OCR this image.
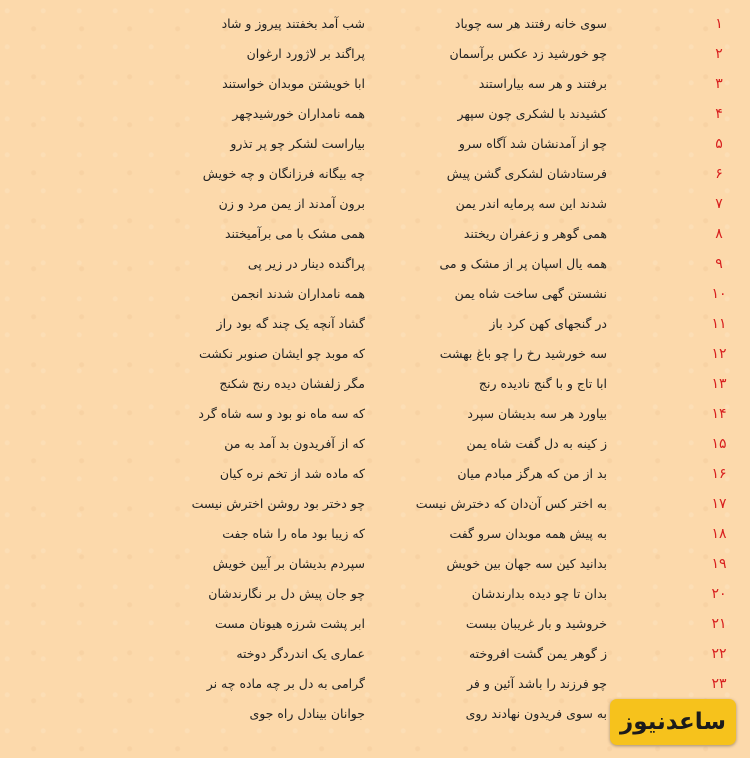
۱
سوی خانه رفتند هر سه چوباد
شب آمد بخفتند پیروز و شاد
۲
چو خورشید زد عکس برآسمان
پراگند بر لاژورد ارغوان
۳
برفتند و هر سه بیاراستند
ابا خویشتن موبدان خواستند
۴
کشیدند با لشکری چون سپهر
همه نامداران خورشیدچهر
۵
چو از آمدنشان شد آگاه سرو
بیاراست لشکر چو پر تذرو
۶
فرستادشان لشکری گشن پیش
چه بیگانه فرزانگان و چه خویش
۷
شدند این سه پرمایه اندر یمن
برون آمدند از یمن مرد و زن
۸
همی گوهر و زعفران ریختند
همی مشک با می برآمیختند
۹
همه یال اسپان پر از مشک و می
پراگنده دینار در زیر پی
۱۰
نشستن گهی ساخت شاه یمن
همه نامداران شدند انجمن
۱۱
در گنجهای کهن کرد باز
گشاد آنچه یک چند گه بود راز
۱۲
سه خورشید رخ را چو باغ بهشت
که موبد چو ایشان صنوبر نکشت
۱۳
ابا تاج و با گنج نادیده رنج
مگر زلفشان دیده رنج شکنج
۱۴
بیاورد هر سه بدیشان سپرد
که سه ماه نو بود و سه شاه گرد
۱۵
ز کینه به دل گفت شاه یمن
که از آفریدون بد آمد به من
۱۶
بد از من که هرگز مبادم میان
که ماده شد از تخم نره کیان
۱۷
به اختر کس آن‌دان که دخترش نیست
چو دختر بود روشن اخترش نیست
۱۸
به پیش همه موبدان سرو گفت
که زیبا بود ماه را شاه جفت
۱۹
بدانید کین سه جهان بین خویش
سپردم بدیشان بر آیین خویش
۲۰
بدان تا چو دیده بدارندشان
چو جان پیش دل بر نگارندشان
۲۱
خروشید و بار غریبان ببست
ابر پشت شرزه هیونان مست
۲۲
ز گوهر یمن گشت افروخته
عماری یک اندردگر دوخته
۲۳
چو فرزند را باشد آئین و فر
گرامی به دل بر چه ماده چه نر
به سوی فریدون نهادند روی
جوانان بینادل راه جوی	ساعدنیوز
